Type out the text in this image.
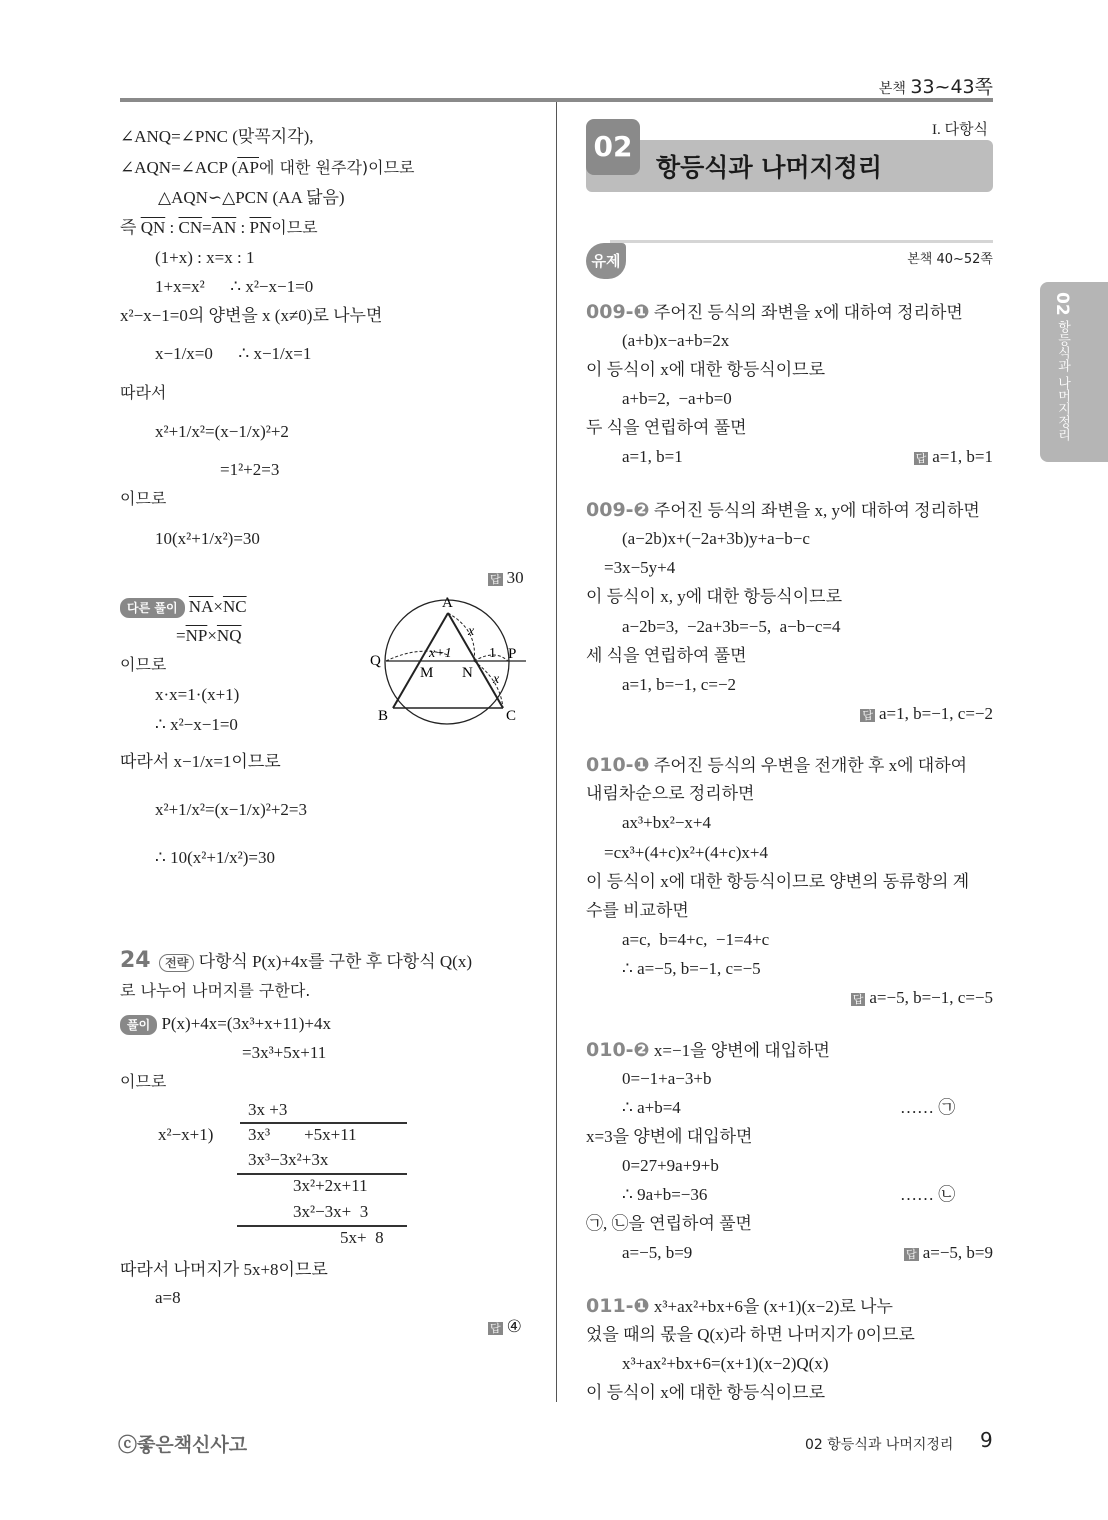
본책 33~43쪽
∠ANQ=∠PNC (맞꼭지각),
∠AQN=∠ACP ($\overline{AP}$에 대한 원주각)이므로
△AQN∽△PCN (AA 닮음)
즉 $\overline{QN}$ : $\overline{CN}=\overline{AN}$ : $\overline{PN}$이므로
(1+x) : x=x : 1
1+x=x²      ∴ x²−x−1=0
x²−x−1=0의 양변을 x (x≠0)로 나누면
x−1/x=0      ∴ x−1/x=1
따라서
x²+1/x²=(x−1/x)²+2
=1²+2=3
이므로
10(x²+1/x²)=30
답 30
다른 풀이 $\overline{NA}\times\overline{NC}$
$=\overline{NP}\times\overline{NQ}$
이므로
x·x=1·(x+1)
∴ x²−x−1=0
따라서 x−1/x=1이므로
x²+1/x²=(x−1/x)²+2=3
∴ 10(x²+1/x²)=30
A
B	C
Q	P
M N
x
x
x+1	1
24 전략 다항식 P(x)+4x를 구한 후 다항식 Q(x)
로 나누어 나머지를 구한다.
풀이 P(x)+4x=(3x³+x+11)+4x
=3x³+5x+11
이므로
3x +3
x²−x+1) 3x³        +5x+11
3x³−3x²+3x
3x²+2x+11
3x²−3x+  3
5x+  8
따라서 나머지가 5x+8이므로
a=8
답 ④
02
항등식과 나머지정리
I. 다항식
유제	본책 40~52쪽
009-❶ 주어진 등식의 좌변을 x에 대하여 정리하면
(a+b)x−a+b=2x
이 등식이 x에 대한 항등식이므로
a+b=2,  −a+b=0
두 식을 연립하여 풀면
a=1, b=1	답 a=1, b=1
009-❷ 주어진 등식의 좌변을 x, y에 대하여 정리하면
(a−2b)x+(−2a+3b)y+a−b−c
=3x−5y+4
이 등식이 x, y에 대한 항등식이므로
a−2b=3,  −2a+3b=−5,  a−b−c=4
세 식을 연립하여 풀면
a=1, b=−1, c=−2
답 a=1, b=−1, c=−2
010-❶ 주어진 등식의 우변을 전개한 후 x에 대하여
내림차순으로 정리하면
ax³+bx²−x+4
=cx³+(4+c)x²+(4+c)x+4
이 등식이 x에 대한 항등식이므로 양변의 동류항의 계
수를 비교하면
a=c,  b=4+c,  −1=4+c
∴ a=−5, b=−1, c=−5
답 a=−5, b=−1, c=−5
010-❷ x=−1을 양변에 대입하면
0=−1+a−3+b
∴ a+b=4	…… ㉠
x=3을 양변에 대입하면
0=27+9a+9+b
∴ 9a+b=−36	…… ㉡
㉠, ㉡을 연립하여 풀면
a=−5, b=9	답 a=−5, b=9
011-❶ x³+ax²+bx+6을 (x+1)(x−2)로 나누
었을 때의 몫을 Q(x)라 하면 나머지가 0이므로
x³+ax²+bx+6=(x+1)(x−2)Q(x)
이 등식이 x에 대한 항등식이므로
02 항등식과 나머지정리
ⓒ좋은책신사고	02 항등식과 나머지정리 9
